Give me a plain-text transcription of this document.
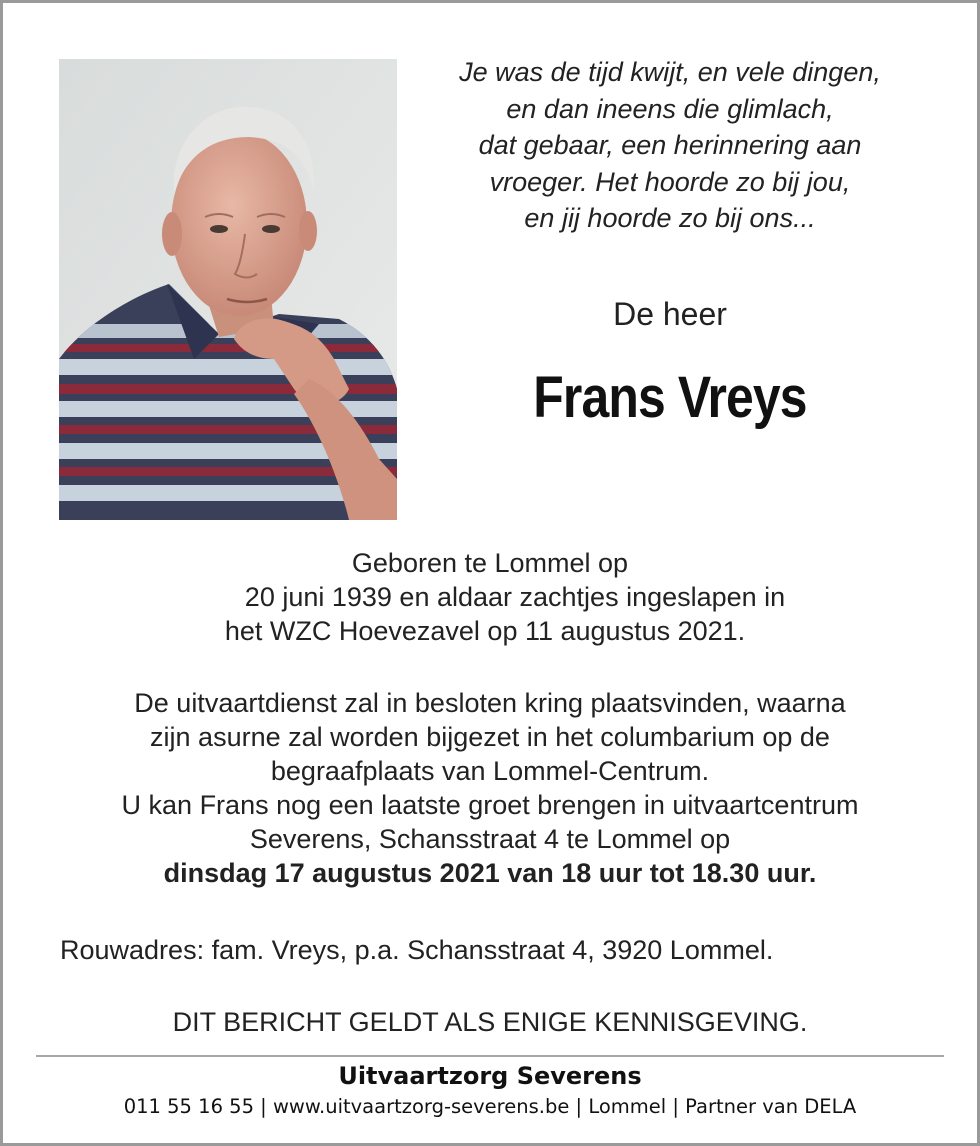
Je was de tijd kwijt, en vele dingen,
en dan ineens die glimlach,
dat gebaar, een herinnering aan
vroeger. Het hoorde zo bij jou,
en jij hoorde zo bij ons...
De heer
Frans Vreys
Geboren te Lommel op
20 juni 1939 en aldaar zachtjes ingeslapen in
het WZC Hoevezavel op 11 augustus 2021.
De uitvaartdienst zal in besloten kring plaatsvinden, waarna
zijn asurne zal worden bijgezet in het columbarium op de
begraafplaats van Lommel-Centrum.
U kan Frans nog een laatste groet brengen in uitvaartcentrum
Severens, Schansstraat 4 te Lommel op
dinsdag 17 augustus 2021 van 18 uur tot 18.30 uur.
Rouwadres: fam. Vreys, p.a. Schansstraat 4, 3920 Lommel.
DIT BERICHT GELDT ALS ENIGE KENNISGEVING.
Uitvaartzorg Severens
011 55 16 55 | www.uitvaartzorg-severens.be | Lommel | Partner van DELA
